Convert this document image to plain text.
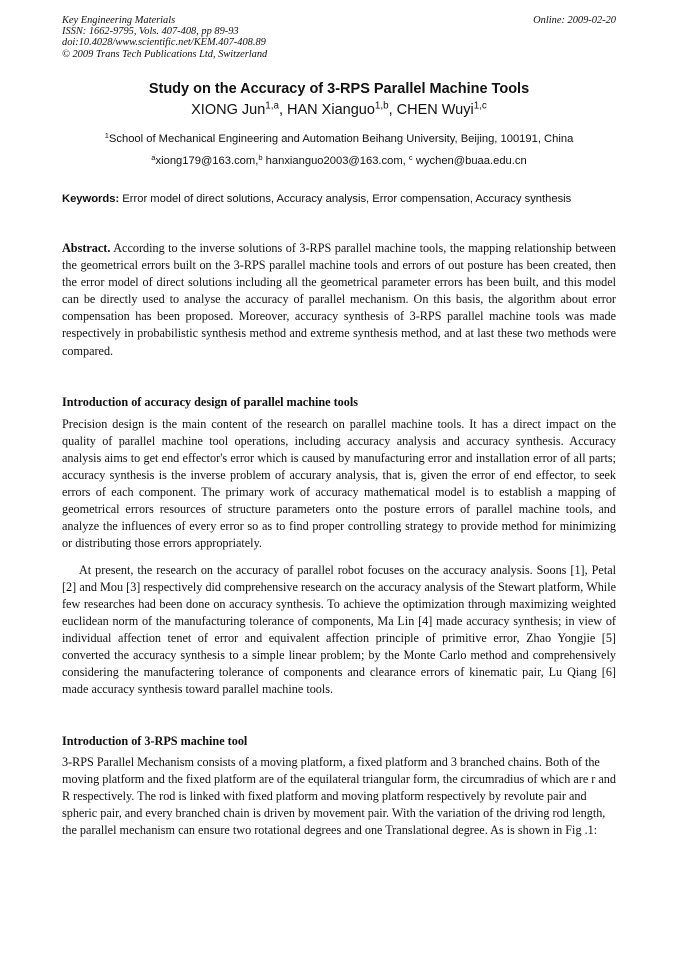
Key Engineering Materials
ISSN: 1662-9795, Vols. 407-408, pp 89-93
doi:10.4028/www.scientific.net/KEM.407-408.89
© 2009 Trans Tech Publications Ltd, Switzerland
Online: 2009-02-20
Study on the Accuracy of 3-RPS Parallel Machine Tools
XIONG Jun$^{1,a}$, HAN Xianguo$^{1,b}$, CHEN Wuyi$^{1,c}$
$^1$School of Mechanical Engineering and Automation Beihang University, Beijing, 100191, China
$^a$xiong179@163.com,$^b$ hanxianguo2003@163.com, $^c$ wychen@buaa.edu.cn
Keywords: Error model of direct solutions, Accuracy analysis, Error compensation, Accuracy synthesis
Abstract. According to the inverse solutions of 3-RPS parallel machine tools, the mapping relationship between the geometrical errors built on the 3-RPS parallel machine tools and errors of out posture has been created, then the error model of direct solutions including all the geometrical parameter errors has been built, and this model can be directly used to analyse the accuracy of parallel mechanism. On this basis, the algorithm about error compensation has been proposed. Moreover, accuracy synthesis of 3-RPS parallel machine tools was made respectively in probabilistic synthesis method and extreme synthesis method, and at last these two methods were compared.
Introduction of accuracy design of parallel machine tools
Precision design is the main content of the research on parallel machine tools. It has a direct impact on the quality of parallel machine tool operations, including accuracy analysis and accuracy synthesis. Accuracy analysis aims to get end effector's error which is caused by manufacturing error and installation error of all parts; accuracy synthesis is the inverse problem of accurary analysis, that is, given the error of end effector, to seek errors of each component. The primary work of accuracy mathematical model is to establish a mapping of geometrical errors resources of structure parameters onto the posture errors of parallel machine tools, and analyze the influences of every error so as to find proper controlling strategy to provide method for minimizing or distributing those errors appropriately.
At present, the research on the accuracy of parallel robot focuses on the accuracy analysis. Soons [1], Petal [2] and Mou [3] respectively did comprehensive research on the accuracy analysis of the Stewart platform, While few researches had been done on accuracy synthesis. To achieve the optimization through maximizing weighted euclidean norm of the manufacturing tolerance of components, Ma Lin [4] made accuracy synthesis; in view of individual affection tenet of error and equivalent affection principle of primitive error, Zhao Yongjie [5] converted the accuracy synthesis to a simple linear problem; by the Monte Carlo method and comprehensively considering the manufactering tolerance of components and clearance errors of kinematic pair, Lu Qiang [6] made accuracy synthesis toward parallel machine tools.
Introduction of 3-RPS machine tool
3-RPS Parallel Mechanism consists of a moving platform, a fixed platform and 3 branched chains. Both of the moving platform and the fixed platform are of the equilateral triangular form, the circumradius of which are r and R respectively. The rod is linked with fixed platform and moving platform respectively by revolute pair and spheric pair, and every branched chain is driven by movement pair. With the variation of the driving rod length, the parallel mechanism can ensure two rotational degrees and one Translational degree. As is shown in Fig .1:
